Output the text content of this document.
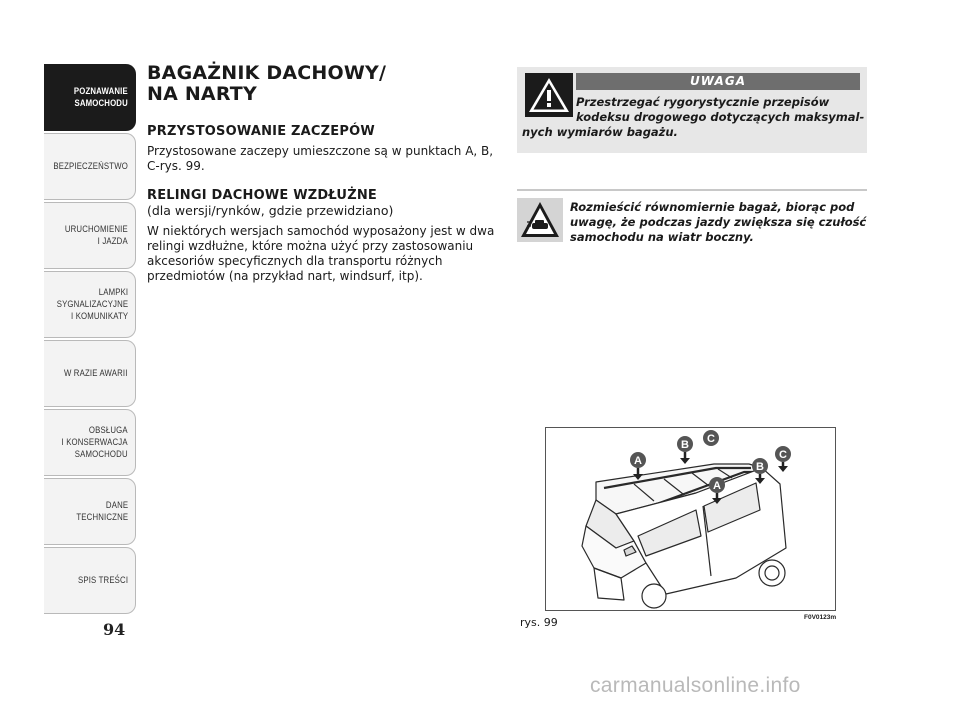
POZNAWANIE
SAMOCHODU
BEZPIECZEŃSTWO
URUCHOMIENIE
I JAZDA
LAMPKI
SYGNALIZACYJNE
I KOMUNIKATY
W RAZIE AWARII
OBSŁUGA
I KONSERWACJA
SAMOCHODU
DANE
TECHNICZNE
SPIS TREŚCI
94
BAGAŻNIK DACHOWY/
NA NARTY
PRZYSTOSOWANIE ZACZEPÓW

Przystosowane zaczepy umieszczone są w punktach A, B, C-rys. 99.

RELINGI DACHOWE WZDŁUŻNE
(dla wersji/rynków, gdzie przewidziano)

W niektórych wersjach samochód wyposażony jest w dwa relingi wzdłużne, które można użyć przy zastosowaniu akcesoriów specyficznych dla transportu różnych przedmiotów (na przykład nart, windsurf, itp).

UWAGA
Przestrzegać rygorystycznie przepisów kodeksu drogowego dotyczących maksymal-
nych wymiarów bagażu.
Rozmieścić równomiernie bagaż, biorąc pod uwagę, że podczas jazdy zwiększa się czułość samochodu na wiatr boczny.
A
B C
B
C
A
rys. 99	F0V0123m
carmanualsonline.info
